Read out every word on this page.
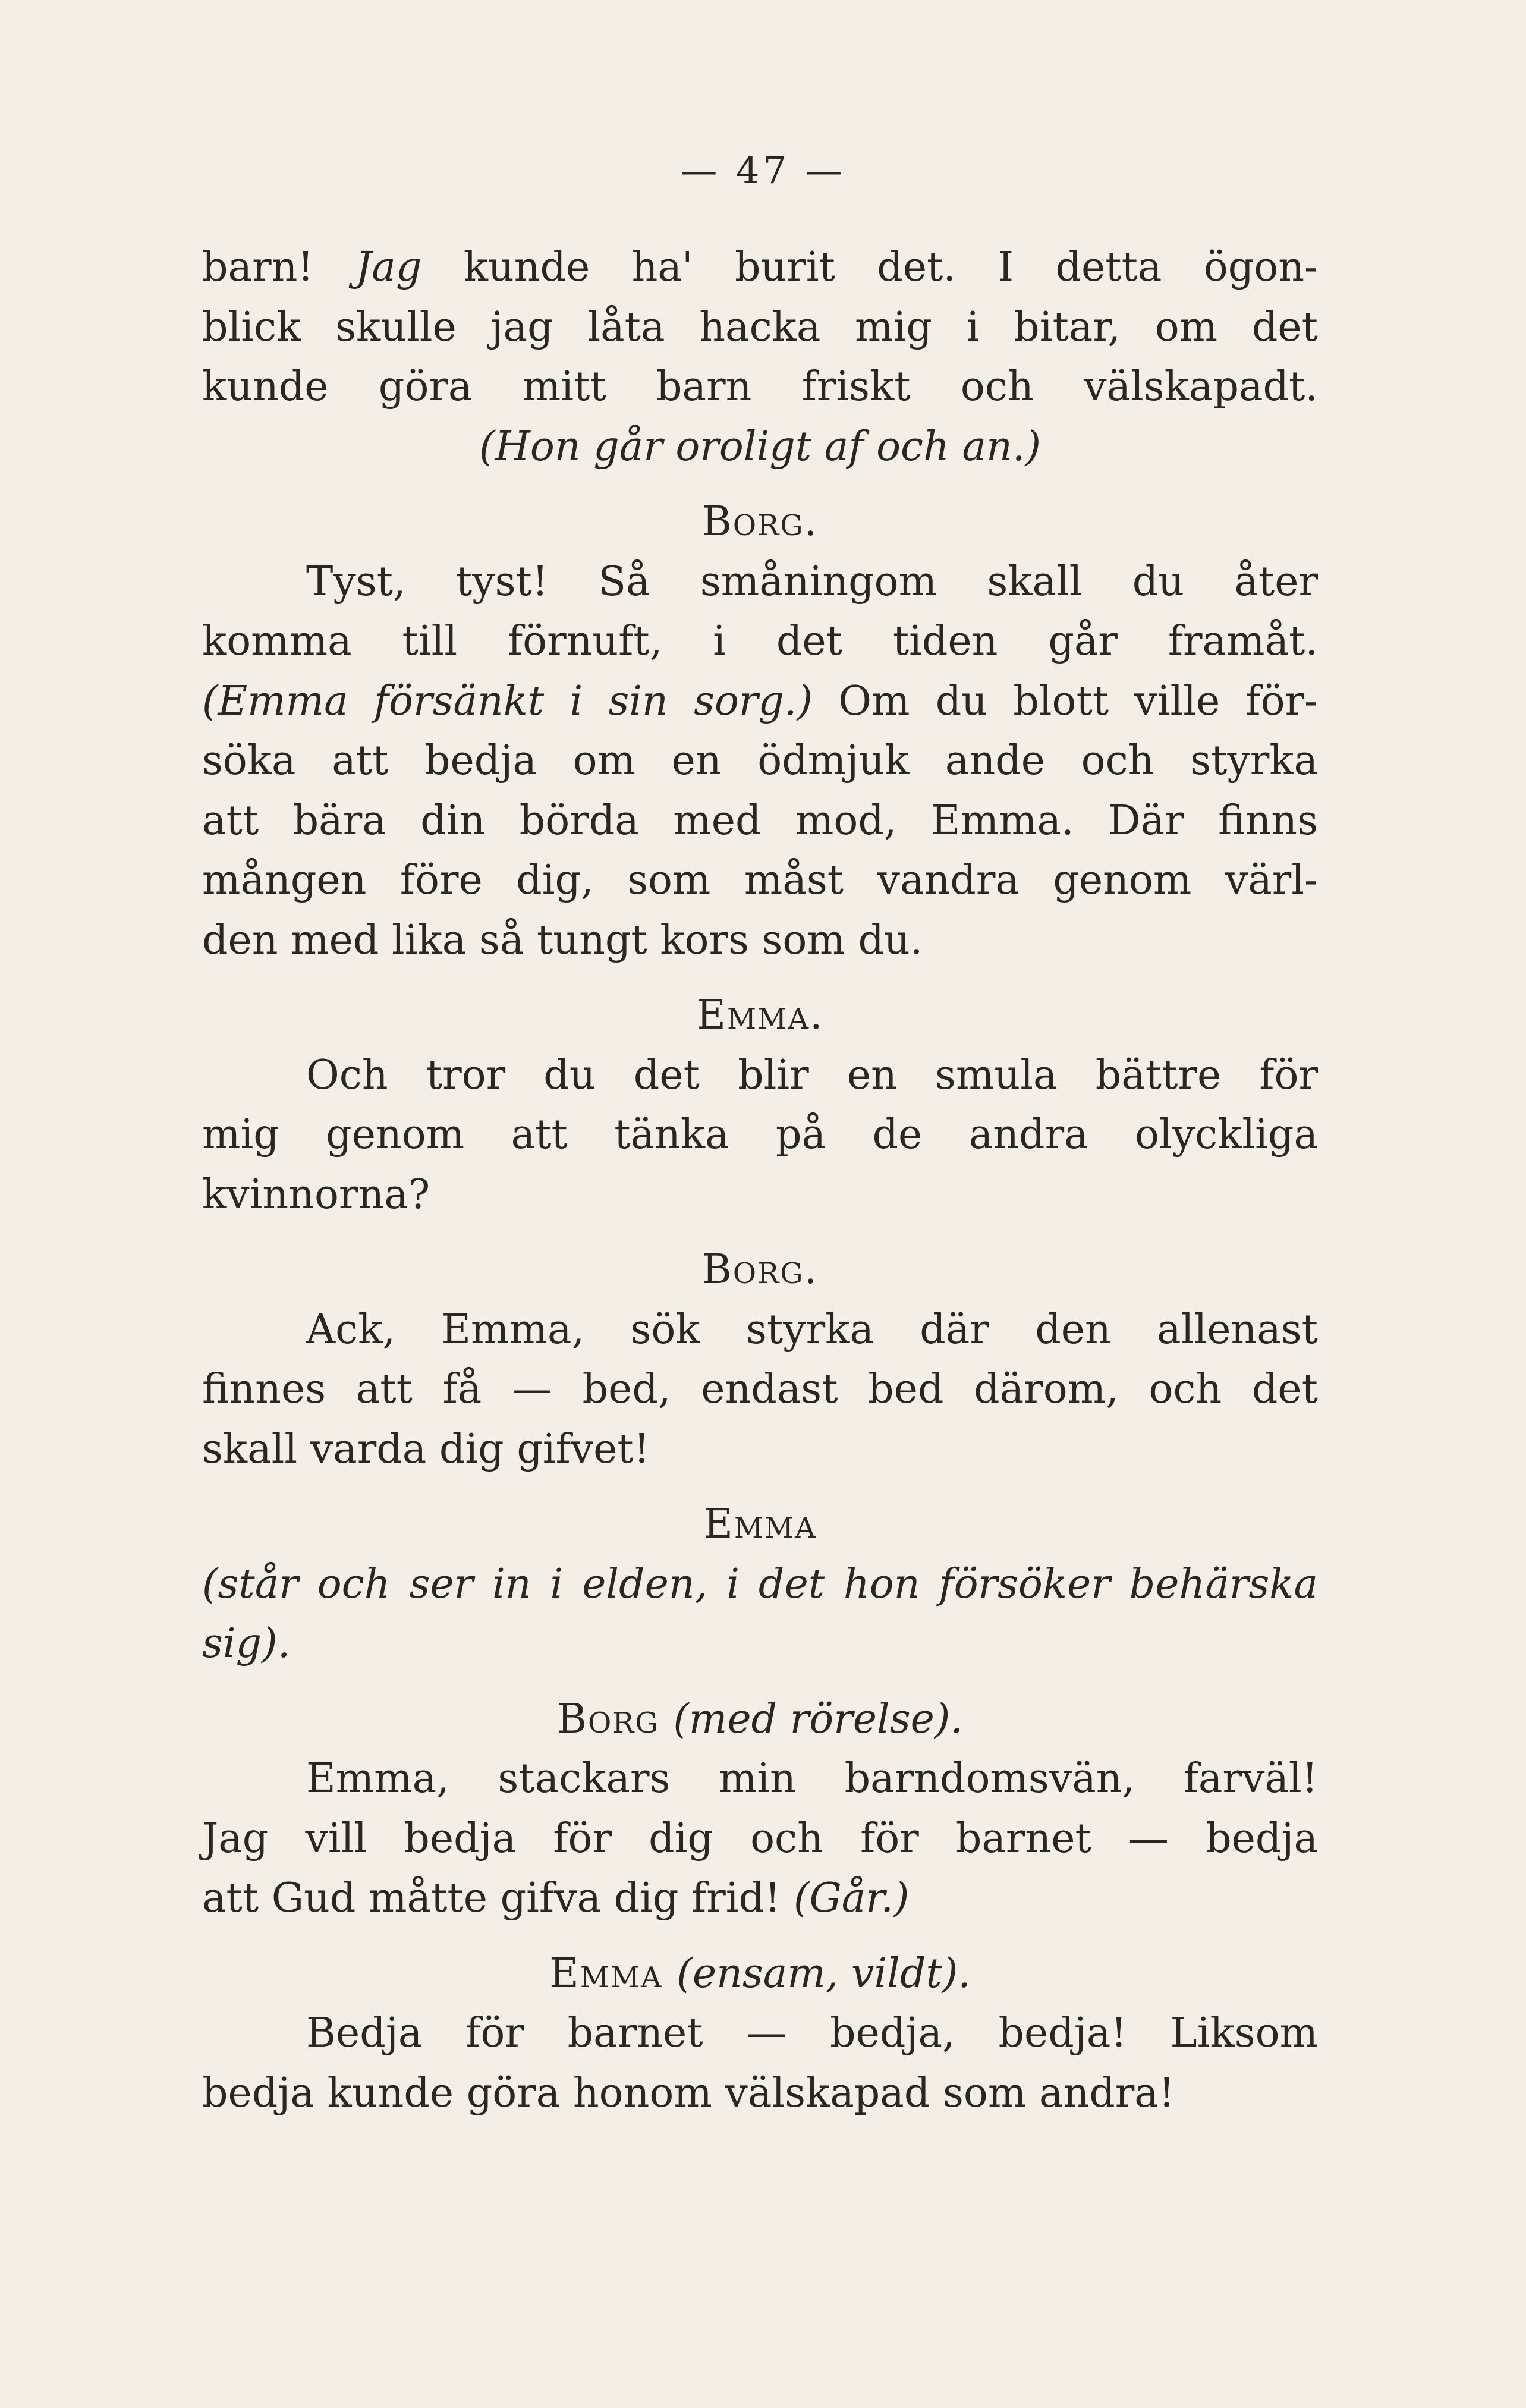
— 47 —

barn! Jag kunde ha' burit det. I detta ögon-

blick skulle jag låta hacka mig i bitar, om det

kunde göra mitt barn friskt och välskapadt.

(Hon går oroligt af och an.)

Borg.

Tyst, tyst! Så småningom skall du åter

komma till förnuft, i det tiden går framåt.

(Emma försänkt i sin sorg.) Om du blott ville för-

söka att bedja om en ödmjuk ande och styrka

att bära din börda med mod, Emma. Där finns

mången före dig, som måst vandra genom värl-

den med lika så tungt kors som du.

Emma.

Och tror du det blir en smula bättre för

mig genom att tänka på de andra olyckliga

kvinnorna?

Borg.

Ack, Emma, sök styrka där den allenast

finnes att få — bed, endast bed därom, och det

skall varda dig gifvet!

Emma

(står och ser in i elden, i det hon försöker behärska sig).

Borg (med rörelse).

Emma, stackars min barndomsvän, farväl!

Jag vill bedja för dig och för barnet — bedja

att Gud måtte gifva dig frid! (Går.)

Emma (ensam, vildt).

Bedja för barnet — bedja, bedja! Liksom

bedja kunde göra honom välskapad som andra!
